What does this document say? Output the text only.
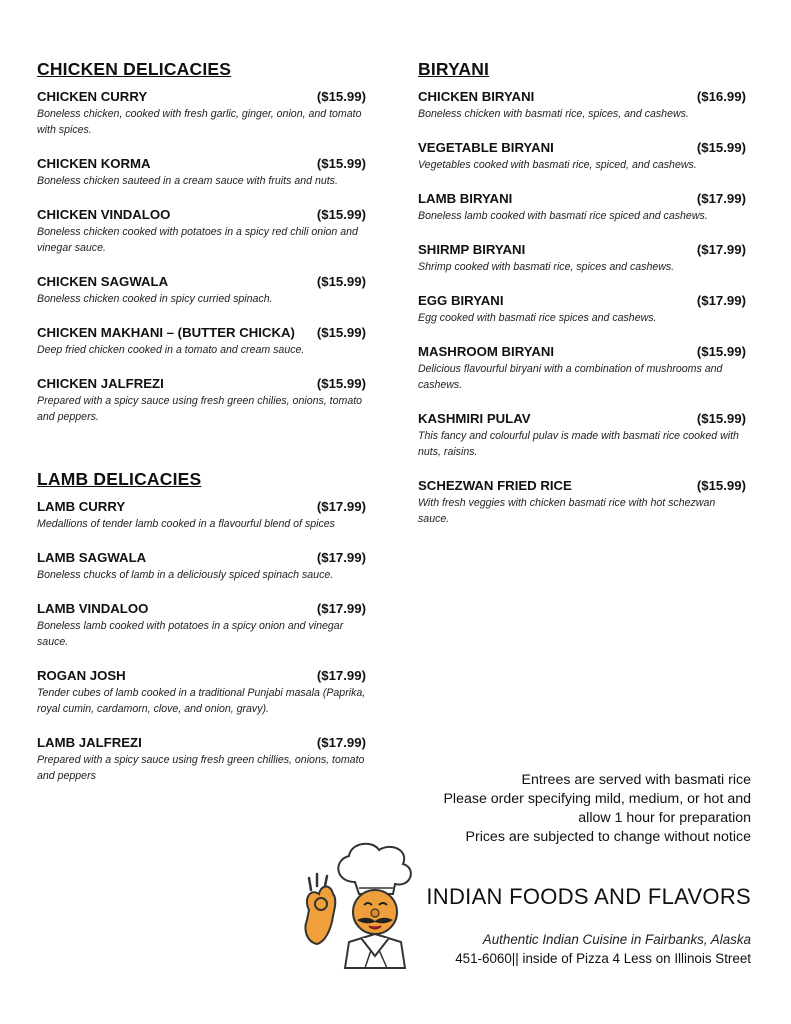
CHICKEN DELICACIES
CHICKEN CURRY	($15.99)
Boneless chicken, cooked with fresh garlic, ginger, onion, and tomato with spices.
CHICKEN KORMA	($15.99)
Boneless chicken sauteed in a cream sauce with fruits and nuts.
CHICKEN VINDALOO	($15.99)
Boneless chicken cooked with potatoes in a spicy red chili onion and vinegar sauce.
CHICKEN SAGWALA	($15.99)
Boneless chicken cooked in spicy curried spinach.
CHICKEN MAKHANI – (BUTTER CHICKA) ($15.99)
Deep fried chicken cooked in a tomato and cream sauce.
CHICKEN JALFREZI	($15.99)
Prepared with a spicy sauce using fresh green chilies, onions, tomato and peppers.
LAMB DELICACIES
LAMB CURRY	($17.99)
Medallions of tender lamb cooked in a flavourful blend of spices
LAMB SAGWALA	($17.99)
Boneless chucks of lamb in a deliciously spiced spinach sauce.
LAMB VINDALOO	($17.99)
Boneless lamb cooked with potatoes in a spicy onion and vinegar sauce.
ROGAN JOSH	($17.99)
Tender cubes of lamb cooked in a traditional Punjabi masala (Paprika, royal cumin, cardamorn, clove, and onion, gravy).
LAMB JALFREZI	($17.99)
Prepared with a spicy sauce using fresh green chillies, onions, tomato and peppers
BIRYANI
CHICKEN BIRYANI	($16.99)
Boneless chicken with basmati rice, spices, and cashews.
VEGETABLE BIRYANI	($15.99)
Vegetables cooked with basmati rice, spiced, and cashews.
LAMB BIRYANI	($17.99)
Boneless lamb cooked with basmati rice spiced and cashews.
SHIRMP BIRYANI	($17.99)
Shrimp cooked with basmati rice, spices and cashews.
EGG BIRYANI	($17.99)
Egg cooked with basmati rice spices and cashews.
MASHROOM BIRYANI	($15.99)
Delicious flavourful biryani with a combination of mushrooms and cashews.
KASHMIRI PULAV	($15.99)
This fancy and colourful pulav is made with basmati rice cooked with nuts, raisins.
SCHEZWAN FRIED RICE	($15.99)
With fresh veggies with chicken basmati rice with hot schezwan sauce.
Entrees are served with basmati rice
Please order specifying mild, medium, or hot and
allow 1 hour for preparation
Prices are subjected to change without notice
INDIAN FOODS AND FLAVORS
Authentic Indian Cuisine in Fairbanks, Alaska
451-6060|| inside of Pizza 4 Less on Illinois Street
